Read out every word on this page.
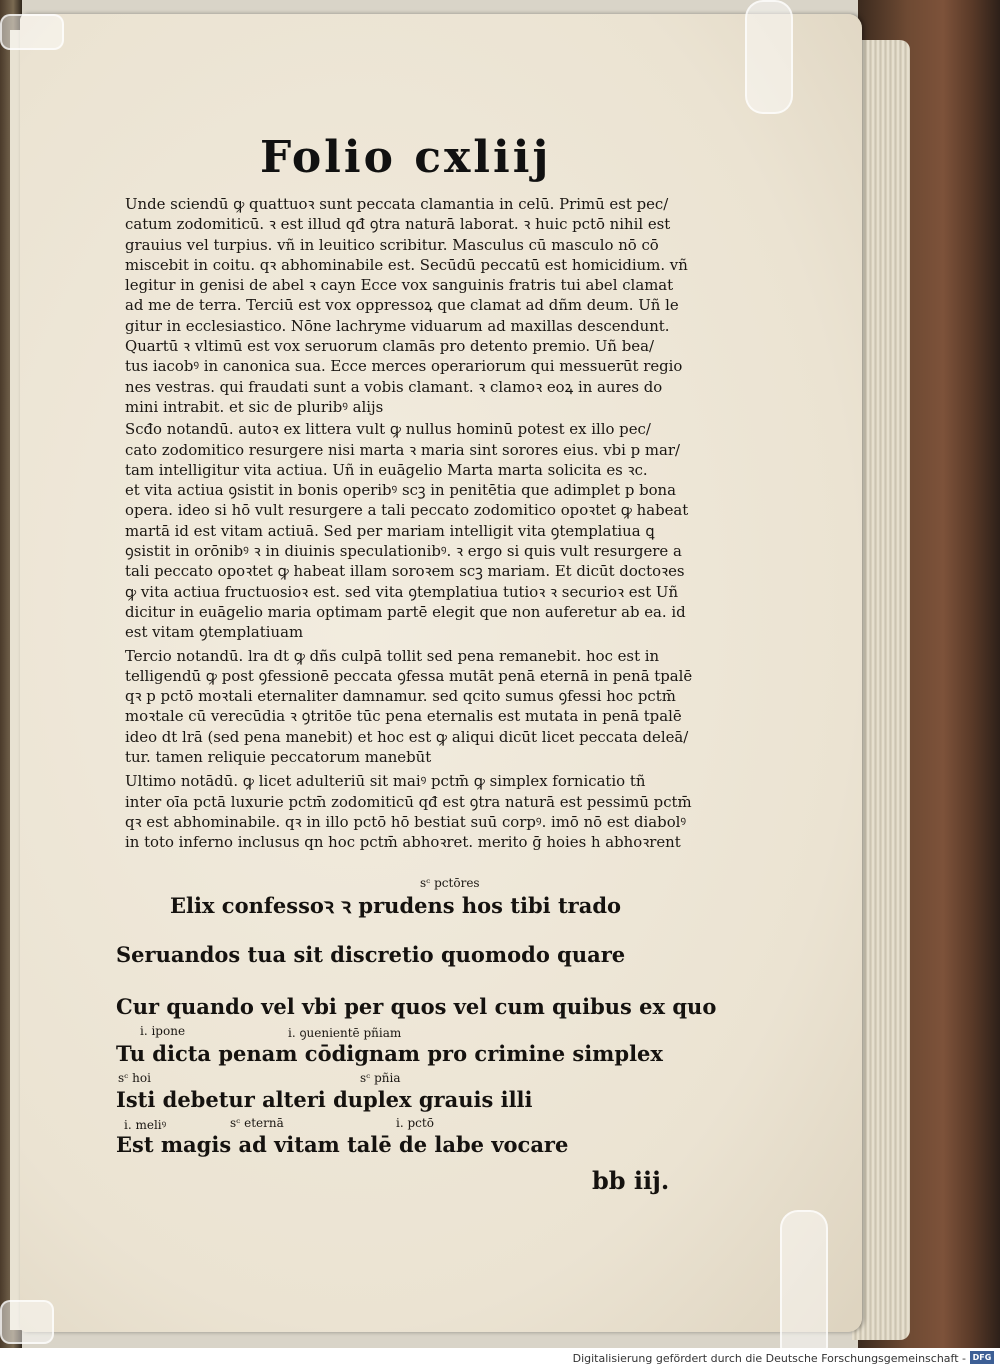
Folio cxliij
Unde sciendū ꝙ quattuoꝛ sunt peccata clamantia in celū. Primū est pec/
catum zodomiticū. ꝛ est illud qđ ꝯtra naturā laborat. ꝛ huic pctō nihil est
grauius vel turpius. vñ in leuitico scribitur. Masculus cū masculo nō cō
miscebit in coitu. qꝛ abhominabile est. Secūdū peccatū est homicidium. vñ
legitur in genisi de abel ꝛ cayn Ecce vox sanguinis fratris tui abel clamat
ad me de terra. Terciū est vox oppressoꝝ que clamat ad dñm deum. Uñ le
gitur in ecclesiastico. Nōne lachryme viduarum ad maxillas descendunt.
Quartū ꝛ vltimū est vox seruorum clamās pro detento premio. Uñ bea/
tus iacobꝰ in canonica sua. Ecce merces operariorum qui messuerūt regio
nes vestras. qui fraudati sunt a vobis clamant. ꝛ clamoꝛ eoꝝ in aures do
mini intrabit. et sic de pluribꝰ alijs
Scđo notandū. autoꝛ ex littera vult ꝙ nullus hominū potest ex illo pec/
cato zodomitico resurgere nisi marta ꝛ maria sint sorores eius. vbi p mar/
tam intelligitur vita actiua. Uñ in euāgelio Marta marta solicita es ꝛc.
et vita actiua ꝯsistit in bonis operibꝰ scꝫ in penitētia que adimplet p bona
opera. ideo si hō vult resurgere a tali peccato zodomitico opoꝛtet ꝙ habeat
martā id est vitam actiuā. Sed per mariam intelligit vita ꝯtemplatiua ꝗ
ꝯsistit in orōnibꝰ ꝛ in diuinis speculationibꝰ. ꝛ ergo si quis vult resurgere a
tali peccato opoꝛtet ꝙ habeat illam soroꝛem scꝫ mariam. Et dicūt doctoꝛes
ꝙ vita actiua fructuosioꝛ est. sed vita ꝯtemplatiua tutioꝛ ꝛ securioꝛ est Uñ
dicitur in euāgelio maria optimam partē elegit que non auferetur ab ea. id
est vitam ꝯtemplatiuam
Tercio notandū. lra dt ꝙ dñs culpā tollit sed pena remanebit. hoc est in
telligendū ꝙ post ꝯfessionē peccata ꝯfessa mutāt penā eternā in penā tpalē
qꝛ p pctō moꝛtali eternaliter damnamur. sed qcito sumus ꝯfessi hoc pctm̄
moꝛtale cū verecūdia ꝛ ꝯtritōe tūc pena eternalis est mutata in penā tpalē
ideo dt lrā (sed pena manebit) et hoc est ꝙ aliqui dicūt licet peccata deleā/
tur. tamen reliquie peccatorum manebūt
Ultimo notādū. ꝙ licet adulteriū sit maiꝰ pctm̄ ꝙ simplex fornicatio tñ
inter oīa pctā luxurie pctm̄ zodomiticū qđ est ꝯtra naturā est pessimū pctm̄
qꝛ est abhominabile. qꝛ in illo pctō hō bestiat suū corpꝰ. imō nō est diabolꝰ
in toto inferno inclusus qn hoc pctm̄ abhoꝛret. merito ḡ hoies h abhoꝛrent
sᶜ pctōres
Elix confessoꝛ ꝛ prudens hos tibi trado
Seruandos tua sit discretio quomodo quare
Cur quando vel vbi per quos vel cum quibus ex quo
i. ipone	i. ꝯuenientē pñiam
Tu dicta penam cōdignam pro crimine simplex
sᶜ hoi	sᶜ pñia
Isti debetur alteri duplex grauis illi
i. meliꝰ	sᶜ eternā	i. pctō
Est magis ad vitam talē de labe vocare
bb iij.
Digitalisierung gefördert durch die Deutsche Forschungsgemeinschaft - DFG
